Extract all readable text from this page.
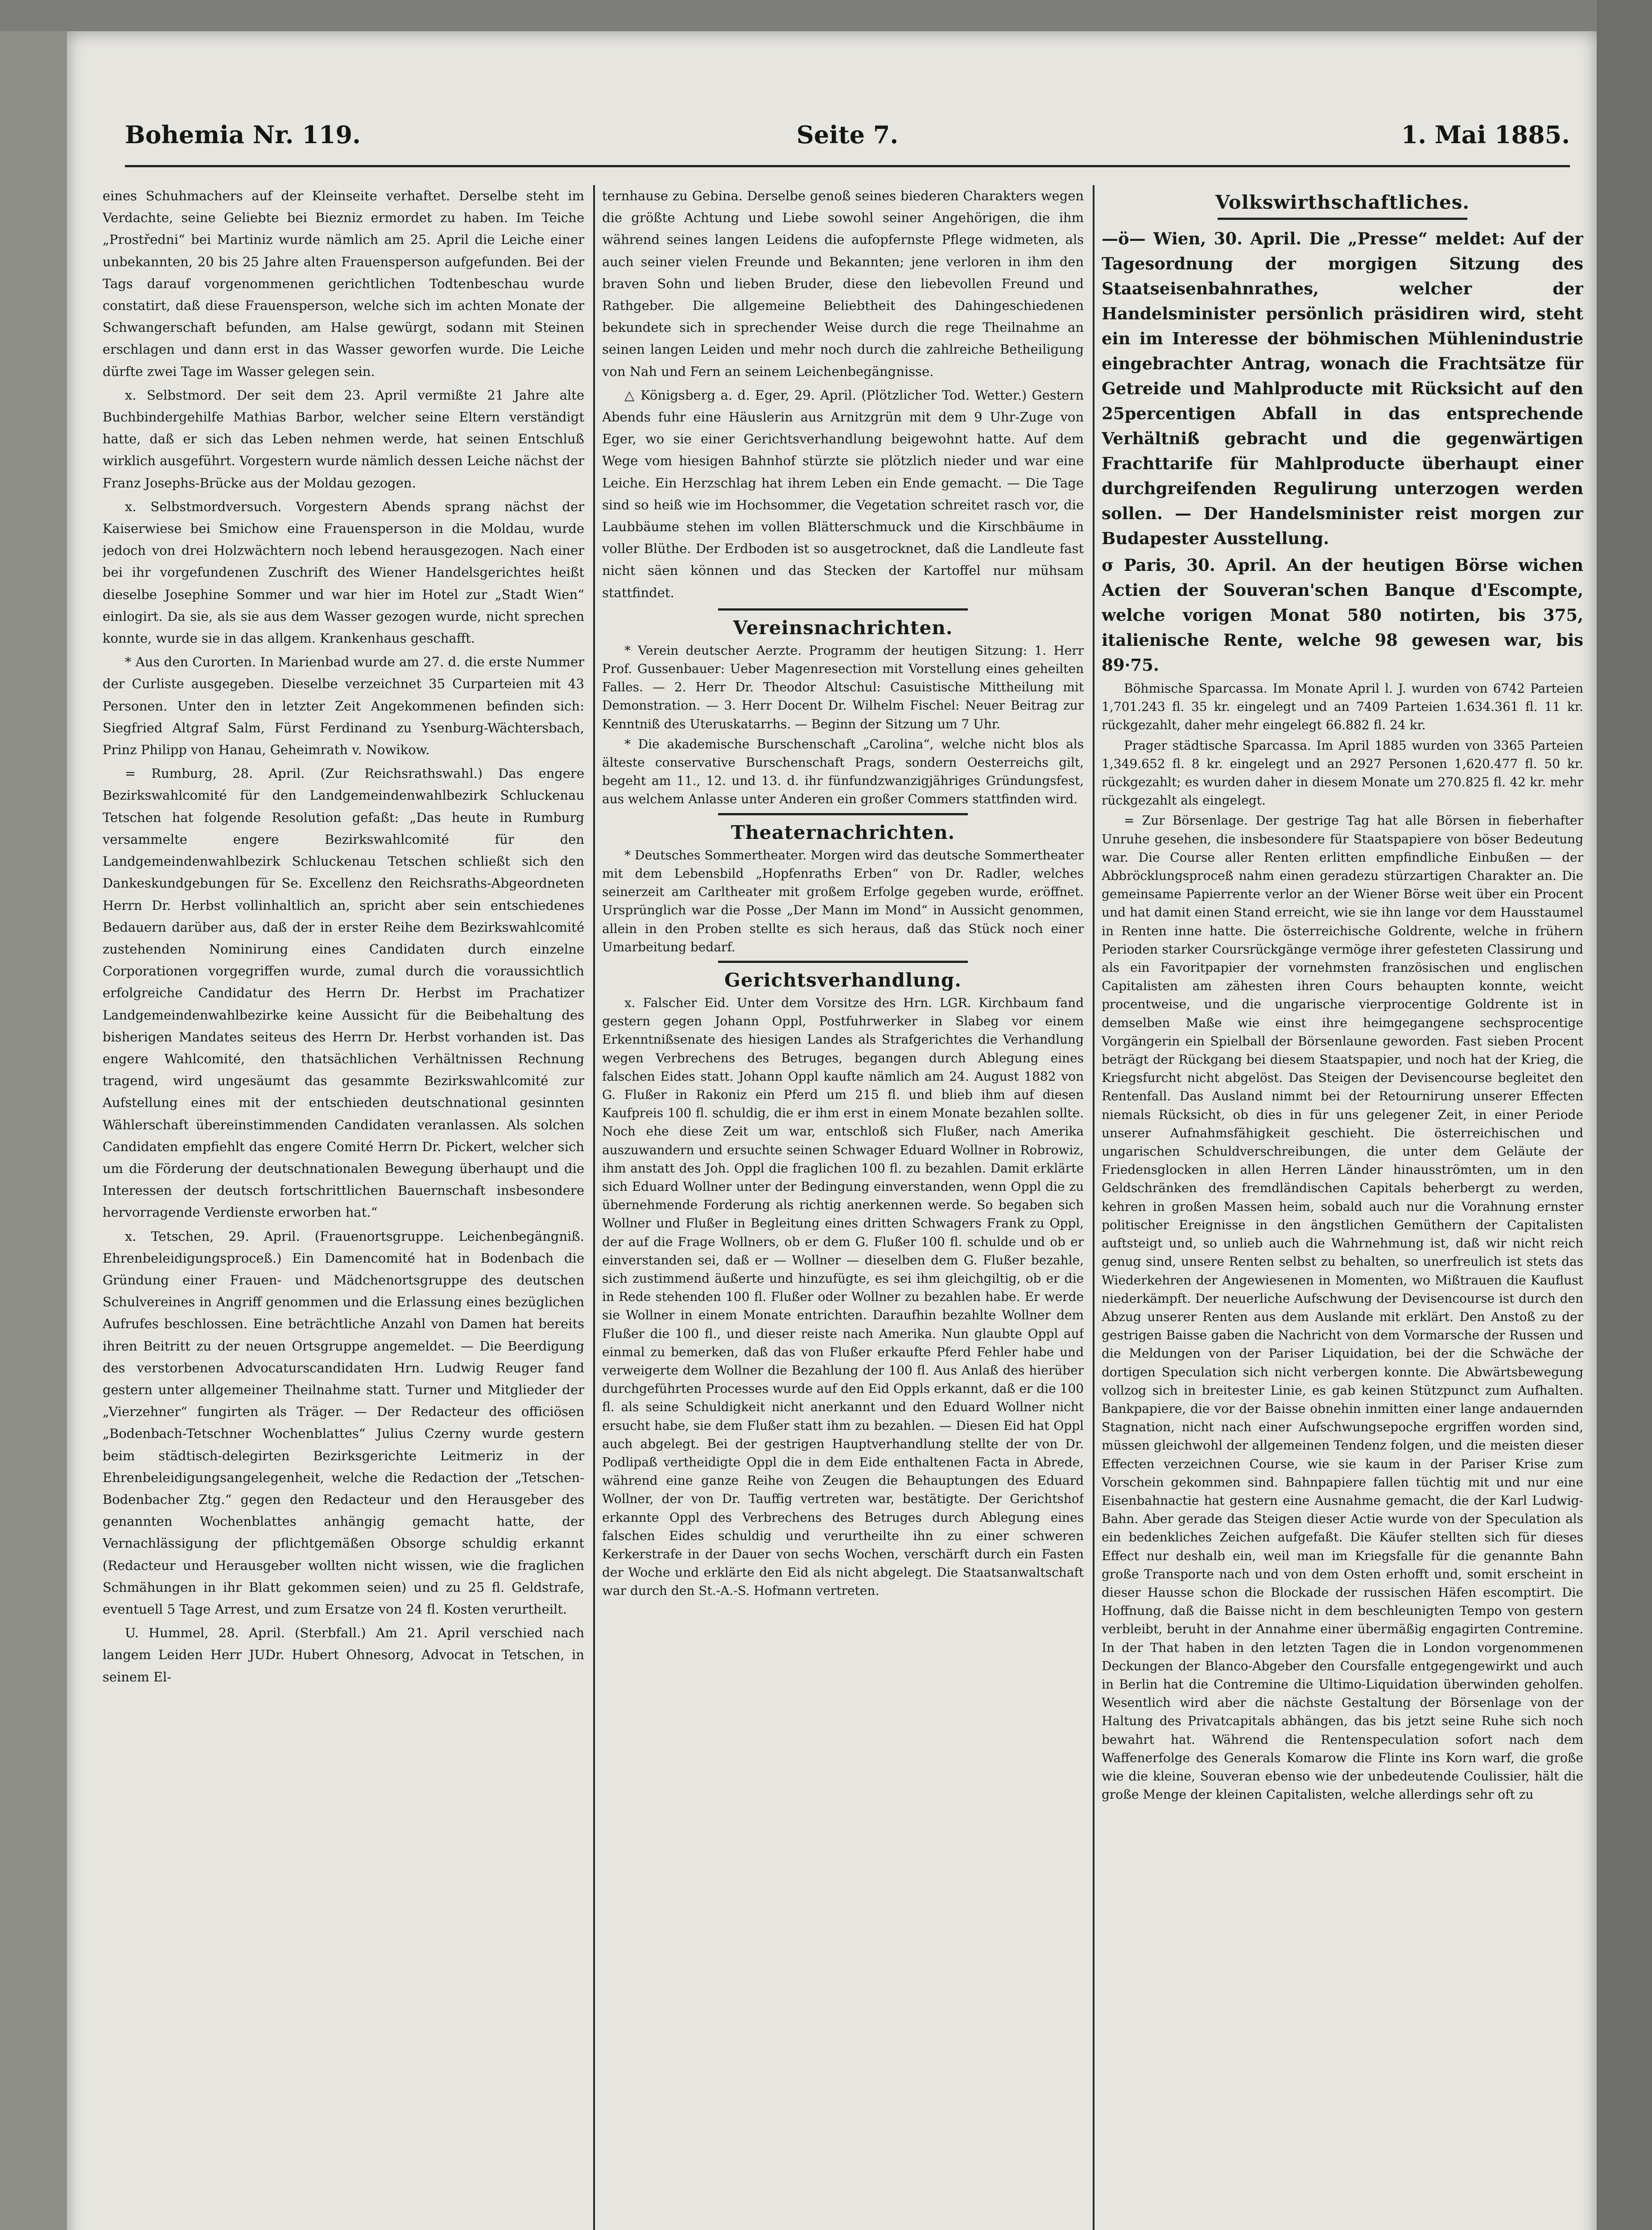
Bohemia Nr. 119.	Seite 7.	1. Mai 1885.

eines Schuhmachers auf der Kleinseite verhaftet. Derselbe steht im Verdachte, seine Geliebte bei Biezniz ermordet zu haben. Im Teiche „Prostředni“ bei Martiniz wurde nämlich am 25. April die Leiche einer unbekannten, 20 bis 25 Jahre alten Frauensperson aufgefunden. Bei der Tags darauf vorgenommenen gerichtlichen Todtenbeschau wurde constatirt, daß diese Frauensperson, welche sich im achten Monate der Schwangerschaft befunden, am Halse gewürgt, sodann mit Steinen erschlagen und dann erst in das Wasser geworfen wurde. Die Leiche dürfte zwei Tage im Wasser gelegen sein.

x. Selbstmord. Der seit dem 23. April vermißte 21 Jahre alte Buchbindergehilfe Mathias Barbor, welcher seine Eltern verständigt hatte, daß er sich das Leben nehmen werde, hat seinen Entschluß wirklich ausgeführt. Vorgestern wurde nämlich dessen Leiche nächst der Franz Josephs-Brücke aus der Moldau gezogen.

x. Selbstmordversuch. Vorgestern Abends sprang nächst der Kaiserwiese bei Smichow eine Frauensperson in die Moldau, wurde jedoch von drei Holzwächtern noch lebend herausgezogen. Nach einer bei ihr vorgefundenen Zuschrift des Wiener Handelsgerichtes heißt dieselbe Josephine Sommer und war hier im Hotel zur „Stadt Wien“ einlogirt. Da sie, als sie aus dem Wasser gezogen wurde, nicht sprechen konnte, wurde sie in das allgem. Krankenhaus geschafft.

* Aus den Curorten. In Marienbad wurde am 27. d. die erste Nummer der Curliste ausgegeben. Dieselbe verzeichnet 35 Curparteien mit 43 Personen. Unter den in letzter Zeit Angekommenen befinden sich: Siegfried Altgraf Salm, Fürst Ferdinand zu Ysenburg-Wächtersbach, Prinz Philipp von Hanau, Geheimrath v. Nowikow.

= Rumburg, 28. April. (Zur Reichsrathswahl.) Das engere Bezirkswahlcomité für den Landgemeindenwahlbezirk Schluckenau Tetschen hat folgende Resolution gefaßt: „Das heute in Rumburg versammelte engere Bezirkswahlcomité für den Landgemeindenwahlbezirk Schluckenau Tetschen schließt sich den Dankeskundgebungen für Se. Excellenz den Reichsraths-Abgeordneten Herrn Dr. Herbst vollinhaltlich an, spricht aber sein entschiedenes Bedauern darüber aus, daß der in erster Reihe dem Bezirkswahlcomité zustehenden Nominirung eines Candidaten durch einzelne Corporationen vorgegriffen wurde, zumal durch die voraussichtlich erfolgreiche Candidatur des Herrn Dr. Herbst im Prachatizer Landgemeindenwahlbezirke keine Aussicht für die Beibehaltung des bisherigen Mandates seiteus des Herrn Dr. Herbst vorhanden ist. Das engere Wahlcomité, den thatsächlichen Verhältnissen Rechnung tragend, wird ungesäumt das gesammte Bezirkswahlcomité zur Aufstellung eines mit der entschieden deutschnational gesinnten Wählerschaft übereinstimmenden Candidaten veranlassen. Als solchen Candidaten empfiehlt das engere Comité Herrn Dr. Pickert, welcher sich um die Förderung der deutschnationalen Bewegung überhaupt und die Interessen der deutsch fortschrittlichen Bauernschaft insbesondere hervorragende Verdienste erworben hat.“

x. Tetschen, 29. April. (Frauenortsgruppe. Leichenbegängniß. Ehrenbeleidigungsproceß.) Ein Damencomité hat in Bodenbach die Gründung einer Frauen- und Mädchenortsgruppe des deutschen Schulvereines in Angriff genommen und die Erlassung eines bezüglichen Aufrufes beschlossen. Eine beträchtliche Anzahl von Damen hat bereits ihren Beitritt zu der neuen Ortsgruppe angemeldet. — Die Beerdigung des verstorbenen Advocaturscandidaten Hrn. Ludwig Reuger fand gestern unter allgemeiner Theilnahme statt. Turner und Mitglieder der „Vierzehner“ fungirten als Träger. — Der Redacteur des officiösen „Bodenbach-Tetschner Wochenblattes“ Julius Czerny wurde gestern beim städtisch-delegirten Bezirksgerichte Leitmeriz in der Ehrenbeleidigungsangelegenheit, welche die Redaction der „Tetschen-Bodenbacher Ztg.“ gegen den Redacteur und den Herausgeber des genannten Wochenblattes anhängig gemacht hatte, der Vernachlässigung der pflichtgemäßen Obsorge schuldig erkannt (Redacteur und Herausgeber wollten nicht wissen, wie die fraglichen Schmähungen in ihr Blatt gekommen seien) und zu 25 fl. Geldstrafe, eventuell 5 Tage Arrest, und zum Ersatze von 24 fl. Kosten verurtheilt.

U. Hummel, 28. April. (Sterbfall.) Am 21. April verschied nach langem Leiden Herr JUDr. Hubert Ohnesorg, Advocat in Tetschen, in seinem El-

ternhause zu Gebina. Derselbe genoß seines biederen Charakters wegen die größte Achtung und Liebe sowohl seiner Angehörigen, die ihm während seines langen Leidens die aufopfernste Pflege widmeten, als auch seiner vielen Freunde und Bekannten; jene verloren in ihm den braven Sohn und lieben Bruder, diese den liebevollen Freund und Rathgeber. Die allgemeine Beliebtheit des Dahingeschiedenen bekundete sich in sprechender Weise durch die rege Theilnahme an seinen langen Leiden und mehr noch durch die zahlreiche Betheiligung von Nah und Fern an seinem Leichenbegängnisse.

△ Königsberg a. d. Eger, 29. April. (Plötzlicher Tod. Wetter.) Gestern Abends fuhr eine Häuslerin aus Arnitzgrün mit dem 9 Uhr-Zuge von Eger, wo sie einer Gerichtsverhandlung beigewohnt hatte. Auf dem Wege vom hiesigen Bahnhof stürzte sie plötzlich nieder und war eine Leiche. Ein Herzschlag hat ihrem Leben ein Ende gemacht. — Die Tage sind so heiß wie im Hochsommer, die Vegetation schreitet rasch vor, die Laubbäume stehen im vollen Blätterschmuck und die Kirschbäume in voller Blüthe. Der Erdboden ist so ausgetrocknet, daß die Landleute fast nicht säen können und das Stecken der Kartoffel nur mühsam stattfindet.

Vereinsnachrichten.

* Verein deutscher Aerzte. Programm der heutigen Sitzung: 1. Herr Prof. Gussenbauer: Ueber Magenresection mit Vorstellung eines geheilten Falles. — 2. Herr Dr. Theodor Altschul: Casuistische Mittheilung mit Demonstration. — 3. Herr Docent Dr. Wilhelm Fischel: Neuer Beitrag zur Kenntniß des Uteruskatarrhs. — Beginn der Sitzung um 7 Uhr.

* Die akademische Burschenschaft „Carolina“, welche nicht blos als älteste conservative Burschenschaft Prags, sondern Oesterreichs gilt, begeht am 11., 12. und 13. d. ihr fünfundzwanzigjähriges Gründungsfest, aus welchem Anlasse unter Anderen ein großer Commers stattfinden wird.

Theaternachrichten.

* Deutsches Sommertheater. Morgen wird das deutsche Sommertheater mit dem Lebensbild „Hopfenraths Erben“ von Dr. Radler, welches seinerzeit am Carltheater mit großem Erfolge gegeben wurde, eröffnet. Ursprünglich war die Posse „Der Mann im Mond“ in Aussicht genommen, allein in den Proben stellte es sich heraus, daß das Stück noch einer Umarbeitung bedarf.

Gerichtsverhandlung.

x. Falscher Eid. Unter dem Vorsitze des Hrn. LGR. Kirchbaum fand gestern gegen Johann Oppl, Postfuhrwerker in Slabeg vor einem Erkenntnißsenate des hiesigen Landes als Strafgerichtes die Verhandlung wegen Verbrechens des Betruges, begangen durch Ablegung eines falschen Eides statt. Johann Oppl kaufte nämlich am 24. August 1882 von G. Flußer in Rakoniz ein Pferd um 215 fl. und blieb ihm auf diesen Kaufpreis 100 fl. schuldig, die er ihm erst in einem Monate bezahlen sollte. Noch ehe diese Zeit um war, entschloß sich Flußer, nach Amerika auszuwandern und ersuchte seinen Schwager Eduard Wollner in Robrowiz, ihm anstatt des Joh. Oppl die fraglichen 100 fl. zu bezahlen. Damit erklärte sich Eduard Wollner unter der Bedingung einverstanden, wenn Oppl die zu übernehmende Forderung als richtig anerkennen werde. So begaben sich Wollner und Flußer in Begleitung eines dritten Schwagers Frank zu Oppl, der auf die Frage Wollners, ob er dem G. Flußer 100 fl. schulde und ob er einverstanden sei, daß er — Wollner — dieselben dem G. Flußer bezahle, sich zustimmend äußerte und hinzufügte, es sei ihm gleichgiltig, ob er die in Rede stehenden 100 fl. Flußer oder Wollner zu bezahlen habe. Er werde sie Wollner in einem Monate entrichten. Daraufhin bezahlte Wollner dem Flußer die 100 fl., und dieser reiste nach Amerika. Nun glaubte Oppl auf einmal zu bemerken, daß das von Flußer erkaufte Pferd Fehler habe und verweigerte dem Wollner die Bezahlung der 100 fl. Aus Anlaß des hierüber durchgeführten Processes wurde auf den Eid Oppls erkannt, daß er die 100 fl. als seine Schuldigkeit nicht anerkannt und den Eduard Wollner nicht ersucht habe, sie dem Flußer statt ihm zu bezahlen. — Diesen Eid hat Oppl auch abgelegt. Bei der gestrigen Hauptverhandlung stellte der von Dr. Podlipaß vertheidigte Oppl die in dem Eide enthaltenen Facta in Abrede, während eine ganze Reihe von Zeugen die Behauptungen des Eduard Wollner, der von Dr. Tauffig vertreten war, bestätigte. Der Gerichtshof erkannte Oppl des Verbrechens des Betruges durch Ablegung eines falschen Eides schuldig und verurtheilte ihn zu einer schweren Kerkerstrafe in der Dauer von sechs Wochen, verschärft durch ein Fasten der Woche und erklärte den Eid als nicht abgelegt. Die Staatsanwaltschaft war durch den St.-A.-S. Hofmann vertreten.

Volkswirthschaftliches.

—ö— Wien, 30. April. Die „Presse“ meldet: Auf der Tagesordnung der morgigen Sitzung des Staatseisenbahnrathes, welcher der Handelsminister persönlich präsidiren wird, steht ein im Interesse der böhmischen Mühlenindustrie eingebrachter Antrag, wonach die Frachtsätze für Getreide und Mahlproducte mit Rücksicht auf den 25percentigen Abfall in das entsprechende Verhältniß gebracht und die gegenwärtigen Frachttarife für Mahlproducte überhaupt einer durchgreifenden Regulirung unterzogen werden sollen. — Der Handelsminister reist morgen zur Budapester Ausstellung.

σ Paris, 30. April. An der heutigen Börse wichen Actien der Souveran'schen Banque d'Escompte, welche vorigen Monat 580 notirten, bis 375, italienische Rente, welche 98 gewesen war, bis 89·75.

Böhmische Sparcassa. Im Monate April l. J. wurden von 6742 Parteien 1,701.243 fl. 35 kr. eingelegt und an 7409 Parteien 1.634.361 fl. 11 kr. rückgezahlt, daher mehr eingelegt 66.882 fl. 24 kr.

Prager städtische Sparcassa. Im April 1885 wurden von 3365 Parteien 1,349.652 fl. 8 kr. eingelegt und an 2927 Personen 1,620.477 fl. 50 kr. rückgezahlt; es wurden daher in diesem Monate um 270.825 fl. 42 kr. mehr rückgezahlt als eingelegt.

= Zur Börsenlage. Der gestrige Tag hat alle Börsen in fieberhafter Unruhe gesehen, die insbesondere für Staatspapiere von böser Bedeutung war. Die Course aller Renten erlitten empfindliche Einbußen — der Abbröcklungsproceß nahm einen geradezu stürzartigen Charakter an. Die gemeinsame Papierrente verlor an der Wiener Börse weit über ein Procent und hat damit einen Stand erreicht, wie sie ihn lange vor dem Hausstaumel in Renten inne hatte. Die österreichische Goldrente, welche in frühern Perioden starker Coursrückgänge vermöge ihrer gefesteten Classirung und als ein Favoritpapier der vornehmsten französischen und englischen Capitalisten am zähesten ihren Cours behaupten konnte, weicht procentweise, und die ungarische vierprocentige Goldrente ist in demselben Maße wie einst ihre heimgegangene sechsprocentige Vorgängerin ein Spielball der Börsenlaune geworden. Fast sieben Procent beträgt der Rückgang bei diesem Staatspapier, und noch hat der Krieg, die Kriegsfurcht nicht abgelöst. Das Steigen der Devisencourse begleitet den Rentenfall. Das Ausland nimmt bei der Retournirung unserer Effecten niemals Rücksicht, ob dies in für uns gelegener Zeit, in einer Periode unserer Aufnahmsfähigkeit geschieht. Die österreichischen und ungarischen Schuldverschreibungen, die unter dem Geläute der Friedensglocken in allen Herren Länder hinausströmten, um in den Geldschränken des fremdländischen Capitals beherbergt zu werden, kehren in großen Massen heim, sobald auch nur die Vorahnung ernster politischer Ereignisse in den ängstlichen Gemüthern der Capitalisten auftsteigt und, so unlieb auch die Wahrnehmung ist, daß wir nicht reich genug sind, unsere Renten selbst zu behalten, so unerfreulich ist stets das Wiederkehren der Angewiesenen in Momenten, wo Mißtrauen die Kauflust niederkämpft. Der neuerliche Aufschwung der Devisencourse ist durch den Abzug unserer Renten aus dem Auslande mit erklärt. Den Anstoß zu der gestrigen Baisse gaben die Nachricht von dem Vormarsche der Russen und die Meldungen von der Pariser Liquidation, bei der die Schwäche der dortigen Speculation sich nicht verbergen konnte. Die Abwärtsbewegung vollzog sich in breitester Linie, es gab keinen Stützpunct zum Aufhalten. Bankpapiere, die vor der Baisse obnehin inmitten einer lange andauernden Stagnation, nicht nach einer Aufschwungsepoche ergriffen worden sind, müssen gleichwohl der allgemeinen Tendenz folgen, und die meisten dieser Effecten verzeichnen Course, wie sie kaum in der Pariser Krise zum Vorschein gekommen sind. Bahnpapiere fallen tüchtig mit und nur eine Eisenbahnactie hat gestern eine Ausnahme gemacht, die der Karl Ludwig-Bahn. Aber gerade das Steigen dieser Actie wurde von der Speculation als ein bedenkliches Zeichen aufgefaßt. Die Käufer stellten sich für dieses Effect nur deshalb ein, weil man im Kriegsfalle für die genannte Bahn große Transporte nach und von dem Osten erhofft und, somit erscheint in dieser Hausse schon die Blockade der russischen Häfen escomptirt. Die Hoffnung, daß die Baisse nicht in dem beschleunigten Tempo von gestern verbleibt, beruht in der Annahme einer übermäßig engagirten Contremine. In der That haben in den letzten Tagen die in London vorgenommenen Deckungen der Blanco-Abgeber den Coursfalle entgegengewirkt und auch in Berlin hat die Contremine die Ultimo-Liquidation überwinden geholfen. Wesentlich wird aber die nächste Gestaltung der Börsenlage von der Haltung des Privatcapitals abhängen, das bis jetzt seine Ruhe sich noch bewahrt hat. Während die Rentenspeculation sofort nach dem Waffenerfolge des Generals Komarow die Flinte ins Korn warf, die große wie die kleine, Souveran ebenso wie der unbedeutende Coulissier, hält die große Menge der kleinen Capitalisten, welche allerdings sehr oft zu
